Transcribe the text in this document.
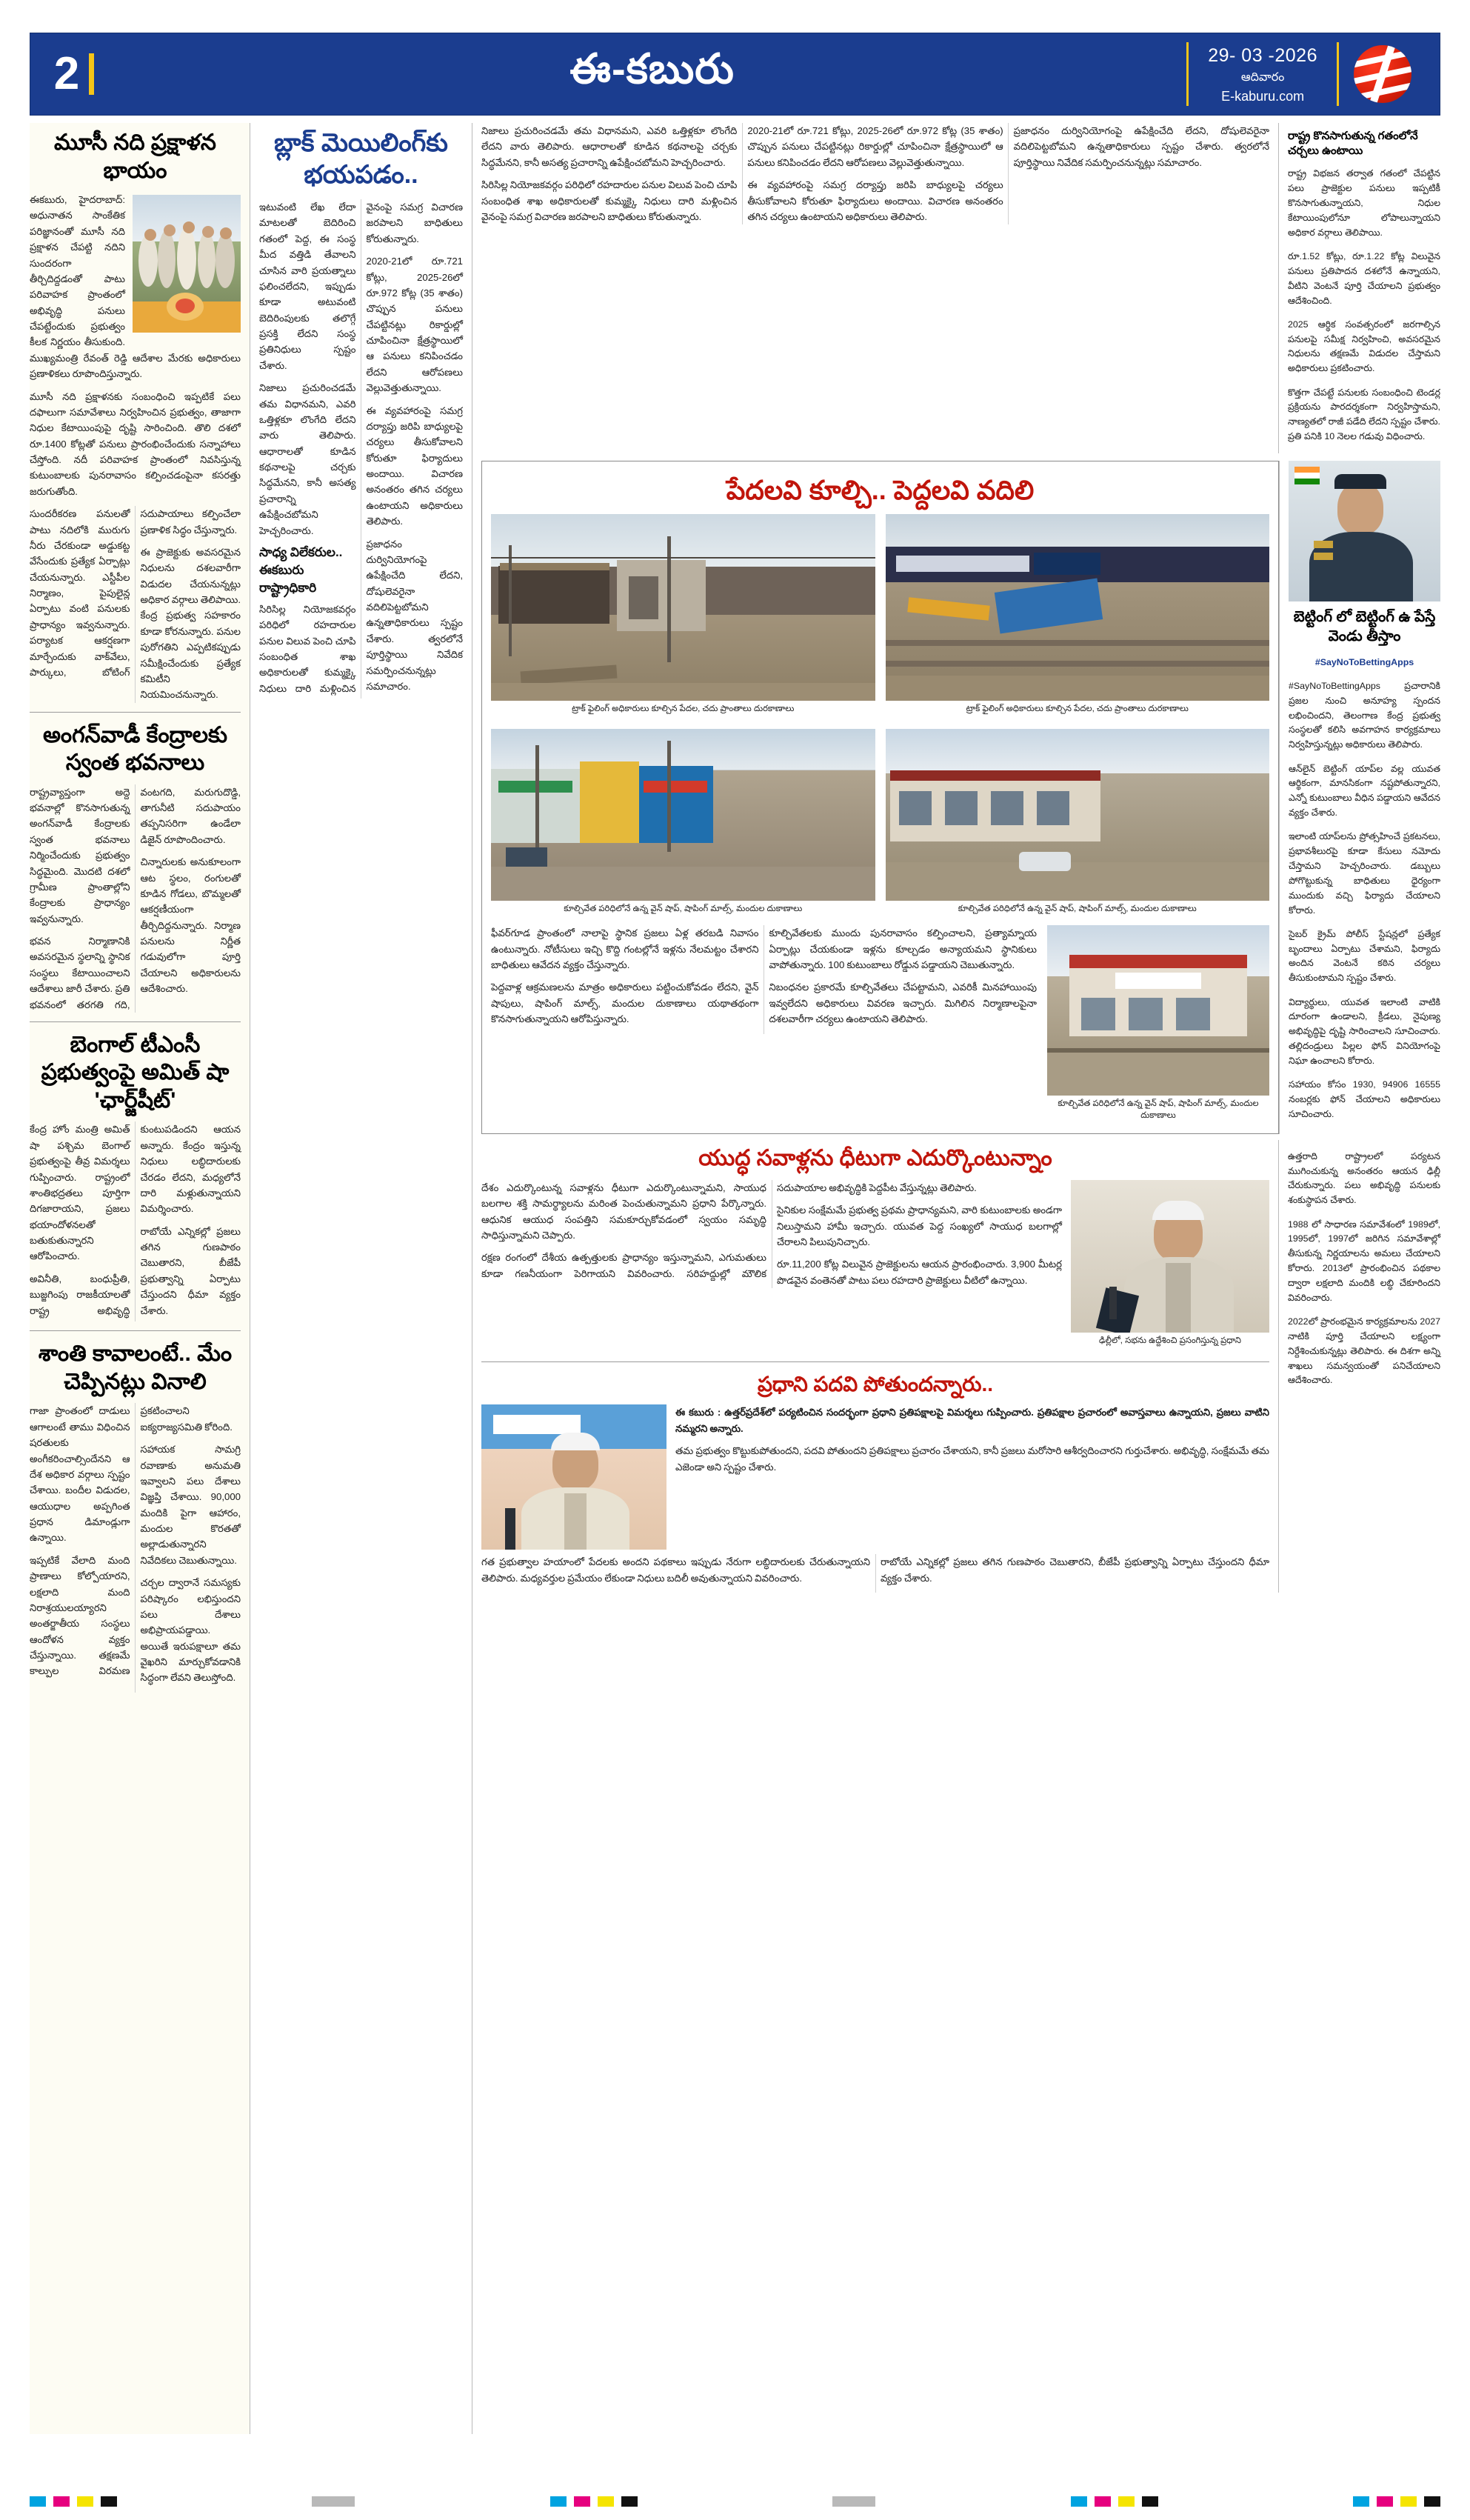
2	ఈ-కబురు	29- 03 -2026
ఆదివారం
E-kaburu.com
మూసీ నది ప్రక్షాళన భాయం

ఈకబురు, హైదరాబాద్: అధునాతన సాంకేతిక పరిజ్ఞానంతో మూసీ నది ప్రక్షాళన చేపట్టి నదిని సుందరంగా తీర్చిదిద్దడంతో పాటు పరివాహక ప్రాంతంలో అభివృద్ధి పనులు చేపట్టేందుకు ప్రభుత్వం కీలక నిర్ణయం తీసుకుంది. ముఖ్యమంత్రి రేవంత్ రెడ్డి ఆదేశాల మేరకు అధికారులు ప్రణాళికలు రూపొందిస్తున్నారు.

మూసీ నది ప్రక్షాళనకు సంబంధించి ఇప్పటికే పలు దఫాలుగా సమావేశాలు నిర్వహించిన ప్రభుత్వం, తాజాగా నిధుల కేటాయింపుపై దృష్టి సారించింది. తొలి దశలో రూ.1400 కోట్లతో పనులు ప్రారంభించేందుకు సన్నాహాలు చేస్తోంది. నదీ పరివాహక ప్రాంతంలో నివసిస్తున్న కుటుంబాలకు పునరావాసం కల్పించడంపైనా కసరత్తు జరుగుతోంది.

సుందరీకరణ పనులతో పాటు నదిలోకి మురుగు నీరు చేరకుండా అడ్డుకట్ట వేసేందుకు ప్రత్యేక ఏర్పాట్లు చేయనున్నారు. ఎస్టీపీల నిర్మాణం, పైపులైన్ల ఏర్పాటు వంటి పనులకు ప్రాధాన్యం ఇవ్వనున్నారు. పర్యాటక ఆకర్షణగా మార్చేందుకు వాక్‌వేలు, పార్కులు, బోటింగ్ సదుపాయాలు కల్పించేలా ప్రణాళిక సిద్ధం చేస్తున్నారు.

ఈ ప్రాజెక్టుకు అవసరమైన నిధులను దశలవారీగా విడుదల చేయనున్నట్లు అధికార వర్గాలు తెలిపాయి. కేంద్ర ప్రభుత్వ సహకారం కూడా కోరనున్నారు. పనుల పురోగతిని ఎప్పటికప్పుడు సమీక్షించేందుకు ప్రత్యేక కమిటీని నియమించనున్నారు.

అంగన్‌వాడీ కేంద్రాలకు స్వంత భవనాలు

రాష్ట్రవ్యాప్తంగా అద్దె భవనాల్లో కొనసాగుతున్న అంగన్‌వాడీ కేంద్రాలకు స్వంత భవనాలు నిర్మించేందుకు ప్రభుత్వం సిద్ధమైంది. మొదటి దశలో గ్రామీణ ప్రాంతాల్లోని కేంద్రాలకు ప్రాధాన్యం ఇవ్వనున్నారు.

భవన నిర్మాణానికి అవసరమైన స్థలాన్ని స్థానిక సంస్థలు కేటాయించాలని ఆదేశాలు జారీ చేశారు. ప్రతి భవనంలో తరగతి గది, వంటగది, మరుగుదొడ్డి, తాగునీటి సదుపాయం తప్పనిసరిగా ఉండేలా డిజైన్ రూపొందించారు.

చిన్నారులకు అనుకూలంగా ఆట స్థలం, రంగులతో కూడిన గోడలు, బొమ్మలతో ఆకర్షణీయంగా తీర్చిదిద్దనున్నారు. నిర్మాణ పనులను నిర్ణీత గడువులోగా పూర్తి చేయాలని అధికారులను ఆదేశించారు.

బెంగాల్ టీఎంసీ ప్రభుత్వంపై అమిత్ షా 'ఛార్జ్‌షీట్'

కేంద్ర హోం మంత్రి అమిత్ షా పశ్చిమ బెంగాల్ ప్రభుత్వంపై తీవ్ర విమర్శలు గుప్పించారు. రాష్ట్రంలో శాంతిభద్రతలు పూర్తిగా దిగజారాయని, ప్రజలు భయాందోళనలతో బతుకుతున్నారని ఆరోపించారు.

అవినీతి, బంధుప్రీతి, బుజ్జగింపు రాజకీయాలతో రాష్ట్ర అభివృద్ధి కుంటుపడిందని ఆయన అన్నారు. కేంద్రం ఇస్తున్న నిధులు లబ్ధిదారులకు చేరడం లేదని, మధ్యలోనే దారి మళ్లుతున్నాయని విమర్శించారు.

రాబోయే ఎన్నికల్లో ప్రజలు తగిన గుణపాఠం చెబుతారని, బీజేపీ ప్రభుత్వాన్ని ఏర్పాటు చేస్తుందని ధీమా వ్యక్తం చేశారు.

శాంతి కావాలంటే.. మేం చెప్పినట్లు వినాలి

గాజా ప్రాంతంలో దాడులు ఆగాలంటే తాము విధించిన షరతులకు అంగీకరించాల్సిందేనని ఆ దేశ అధికార వర్గాలు స్పష్టం చేశాయి. బందీల విడుదల, ఆయుధాల అప్పగింత ప్రధాన డిమాండ్లుగా ఉన్నాయి.

ఇప్పటికే వేలాది మంది ప్రాణాలు కోల్పోయారని, లక్షలాది మంది నిరాశ్రయులయ్యారని అంతర్జాతీయ సంస్థలు ఆందోళన వ్యక్తం చేస్తున్నాయి. తక్షణమే కాల్పుల విరమణ ప్రకటించాలని ఐక్యరాజ్యసమితి కోరింది.

సహాయక సామగ్రి రవాణాకు అనుమతి ఇవ్వాలని పలు దేశాలు విజ్ఞప్తి చేశాయి. 90,000 మందికి పైగా ఆహారం, మందుల కొరతతో అల్లాడుతున్నారని నివేదికలు చెబుతున్నాయి.

చర్చల ద్వారానే సమస్యకు పరిష్కారం లభిస్తుందని పలు దేశాలు అభిప్రాయపడ్డాయి. అయితే ఇరుపక్షాలూ తమ వైఖరిని మార్చుకోవడానికి సిద్ధంగా లేవని తెలుస్తోంది.

బ్లాక్ మెయిలింగ్‌కు భయపడం..

ఇటువంటి లేఖ లేదా మాటలతో బెదిరించి గతంలో పెద్ద, ఈ సంస్థ మీద వత్తిడి తేవాలని చూసిన వారి ప్రయత్నాలు ఫలించలేదని, ఇప్పుడు కూడా అటువంటి బెదిరింపులకు తలొగ్గే ప్రసక్తి లేదని సంస్థ ప్రతినిధులు స్పష్టం చేశారు.

నిజాలు ప్రచురించడమే తమ విధానమని, ఎవరి ఒత్తిళ్లకూ లొంగేది లేదని వారు తెలిపారు. ఆధారాలతో కూడిన కథనాలపై చర్చకు సిద్ధమేనని, కానీ అసత్య ప్రచారాన్ని ఉపేక్షించబోమని హెచ్చరించారు.

సాధ్య విలేకరుల.. ఈకబురు రాష్ట్రాధికారి

సిరిసిల్ల నియోజకవర్గం పరిధిలో రహదారుల పనుల విలువ పెంచి చూపి సంబంధిత శాఖ అధికారులతో కుమ్మక్కై నిధులు దారి మళ్లించిన వైనంపై సమగ్ర విచారణ జరపాలని బాధితులు కోరుతున్నారు.

2020-21లో రూ.721 కోట్లు, 2025-26లో రూ.972 కోట్ల (35 శాతం) చొప్పున పనులు చేపట్టినట్లు రికార్డుల్లో చూపించినా క్షేత్రస్థాయిలో ఆ పనులు కనిపించడం లేదని ఆరోపణలు వెల్లువెత్తుతున్నాయి.

ఈ వ్యవహారంపై సమగ్ర దర్యాప్తు జరిపి బాధ్యులపై చర్యలు తీసుకోవాలని కోరుతూ ఫిర్యాదులు అందాయి. విచారణ అనంతరం తగిన చర్యలు ఉంటాయని అధికారులు తెలిపారు.

ప్రజాధనం దుర్వినియోగంపై ఉపేక్షించేది లేదని, దోషులెవరైనా వదిలిపెట్టబోమని ఉన్నతాధికారులు స్పష్టం చేశారు. త్వరలోనే పూర్తిస్థాయి నివేదిక సమర్పించనున్నట్లు సమాచారం.

నిజాలు ప్రచురించడమే తమ విధానమని, ఎవరి ఒత్తిళ్లకూ లొంగేది లేదని వారు తెలిపారు. ఆధారాలతో కూడిన కథనాలపై చర్చకు సిద్ధమేనని, కానీ అసత్య ప్రచారాన్ని ఉపేక్షించబోమని హెచ్చరించారు.

సిరిసిల్ల నియోజకవర్గం పరిధిలో రహదారుల పనుల విలువ పెంచి చూపి సంబంధిత శాఖ అధికారులతో కుమ్మక్కై నిధులు దారి మళ్లించిన వైనంపై సమగ్ర విచారణ జరపాలని బాధితులు కోరుతున్నారు.

2020-21లో రూ.721 కోట్లు, 2025-26లో రూ.972 కోట్ల (35 శాతం) చొప్పున పనులు చేపట్టినట్లు రికార్డుల్లో చూపించినా క్షేత్రస్థాయిలో ఆ పనులు కనిపించడం లేదని ఆరోపణలు వెల్లువెత్తుతున్నాయి.

ఈ వ్యవహారంపై సమగ్ర దర్యాప్తు జరిపి బాధ్యులపై చర్యలు తీసుకోవాలని కోరుతూ ఫిర్యాదులు అందాయి. విచారణ అనంతరం తగిన చర్యలు ఉంటాయని అధికారులు తెలిపారు.

ప్రజాధనం దుర్వినియోగంపై ఉపేక్షించేది లేదని, దోషులెవరైనా వదిలిపెట్టబోమని ఉన్నతాధికారులు స్పష్టం చేశారు. త్వరలోనే పూర్తిస్థాయి నివేదిక సమర్పించనున్నట్లు సమాచారం.

రాష్ట్ర కొనసాగుతున్న గతంలోనే చర్చలు ఉంటాయి

రాష్ట్ర విభజన తర్వాత గతంలో చేపట్టిన పలు ప్రాజెక్టుల పనులు ఇప్పటికీ కొనసాగుతున్నాయని, నిధుల కేటాయింపులోనూ లోపాలున్నాయని అధికార వర్గాలు తెలిపాయి.

రూ.1.52 కోట్లు, రూ.1.22 కోట్ల విలువైన పనులు ప్రతిపాదన దశలోనే ఉన్నాయని, వీటిని వెంటనే పూర్తి చేయాలని ప్రభుత్వం ఆదేశించింది.

2025 ఆర్థిక సంవత్సరంలో జరగాల్సిన పనులపై సమీక్ష నిర్వహించి, అవసరమైన నిధులను తక్షణమే విడుదల చేస్తామని అధికారులు ప్రకటించారు.

కొత్తగా చేపట్టే పనులకు సంబంధించి టెండర్ల ప్రక్రియను పారదర్శకంగా నిర్వహిస్తామని, నాణ్యతలో రాజీ పడేది లేదని స్పష్టం చేశారు. ప్రతి పనికి 10 నెలల గడువు విధించారు.

పేదలవి కూల్చి.. పెద్దలవి వదిలి
ట్రాక్ ఫైలింగ్ అధికారులు కూల్చిన పేదల, చదు ప్రాంతాలు దురకాణాలు	ట్రాక్ ఫైలింగ్ అధికారులు కూల్చిన పేదల, చదు ప్రాంతాలు దురకాణాలు
కూల్చివేత పరిధిలోనే ఉన్న వైన్ షాప్, షాపింగ్ మాల్స్, మందుల దుకాణాలు	కూల్చివేత పరిధిలోనే ఉన్న వైన్ షాప్, షాపింగ్ మాల్స్, మందుల దుకాణాలు

ఫీవర్‌గూడ ప్రాంతంలో నాలాపై స్థానిక ప్రజలు ఏళ్ల తరబడి నివాసం ఉంటున్నారు. నోటీసులు ఇచ్చి కొద్ది గంటల్లోనే ఇళ్లను నేలమట్టం చేశారని బాధితులు ఆవేదన వ్యక్తం చేస్తున్నారు.

పెద్దవాళ్ల ఆక్రమణలను మాత్రం అధికారులు పట్టించుకోవడం లేదని, వైన్ షాపులు, షాపింగ్ మాల్స్, మందుల దుకాణాలు యథాతథంగా కొనసాగుతున్నాయని ఆరోపిస్తున్నారు.

కూల్చివేతలకు ముందు పునరావాసం కల్పించాలని, ప్రత్యామ్నాయ ఏర్పాట్లు చేయకుండా ఇళ్లను కూల్చడం అన్యాయమని స్థానికులు వాపోతున్నారు. 100 కుటుంబాలు రోడ్డున పడ్డాయని చెబుతున్నారు.

నిబంధనల ప్రకారమే కూల్చివేతలు చేపట్టామని, ఎవరికీ మినహాయింపు ఇవ్వలేదని అధికారులు వివరణ ఇచ్చారు. మిగిలిన నిర్మాణాలపైనా దశలవారీగా చర్యలు ఉంటాయని తెలిపారు.

కూల్చివేత పరిధిలోనే ఉన్న వైన్ షాప్, షాపింగ్ మాల్స్, మందుల దుకాణాలు
బెట్టింగ్ లో బెట్టింగ్ ఉ పేస్తే వెండు తీస్తాం

#SayNoToBettingApps

#SayNoToBettingApps ప్రచారానికి ప్రజల నుంచి అనూహ్య స్పందన లభించిందని, తెలంగాణ కేంద్ర ప్రభుత్వ సంస్థలతో కలిసి అవగాహన కార్యక్రమాలు నిర్వహిస్తున్నట్లు అధికారులు తెలిపారు.

ఆన్‌లైన్ బెట్టింగ్ యాప్‌ల వల్ల యువత ఆర్థికంగా, మానసికంగా నష్టపోతున్నారని, ఎన్నో కుటుంబాలు వీధిన పడ్డాయని ఆవేదన వ్యక్తం చేశారు.

ఇలాంటి యాప్‌లను ప్రోత్సహించే ప్రకటనలు, ప్రభావశీలురపై కూడా కేసులు నమోదు చేస్తామని హెచ్చరించారు. డబ్బులు పోగొట్టుకున్న బాధితులు ధైర్యంగా ముందుకు వచ్చి ఫిర్యాదు చేయాలని కోరారు.

సైబర్ క్రైమ్ పోలీస్ స్టేషన్లలో ప్రత్యేక బృందాలు ఏర్పాటు చేశామని, ఫిర్యాదు అందిన వెంటనే కఠిన చర్యలు తీసుకుంటామని స్పష్టం చేశారు.

విద్యార్థులు, యువత ఇలాంటి వాటికి దూరంగా ఉండాలని, క్రీడలు, నైపుణ్య అభివృద్ధిపై దృష్టి సారించాలని సూచించారు. తల్లిదండ్రులు పిల్లల ఫోన్ వినియోగంపై నిఘా ఉంచాలని కోరారు.

సహాయం కోసం 1930, 94906 16555 నంబర్లకు ఫోన్ చేయాలని అధికారులు సూచించారు.

యుద్ధ సవాళ్లను ధీటుగా ఎదుర్కొంటున్నాం

దేశం ఎదుర్కొంటున్న సవాళ్లను ధీటుగా ఎదుర్కొంటున్నామని, సాయుధ బలగాల శక్తి సామర్థ్యాలను మరింత పెంచుతున్నామని ప్రధాని పేర్కొన్నారు. ఆధునిక ఆయుధ సంపత్తిని సమకూర్చుకోవడంలో స్వయం సమృద్ధి సాధిస్తున్నామని చెప్పారు.

రక్షణ రంగంలో దేశీయ ఉత్పత్తులకు ప్రాధాన్యం ఇస్తున్నామని, ఎగుమతులు కూడా గణనీయంగా పెరిగాయని వివరించారు. సరిహద్దుల్లో మౌలిక సదుపాయాల అభివృద్ధికి పెద్దపీట వేస్తున్నట్లు తెలిపారు.

సైనికుల సంక్షేమమే ప్రభుత్వ ప్రథమ ప్రాధాన్యమని, వారి కుటుంబాలకు అండగా నిలుస్తామని హామీ ఇచ్చారు. యువత పెద్ద సంఖ్యలో సాయుధ బలగాల్లో చేరాలని పిలుపునిచ్చారు.

రూ.11,200 కోట్ల విలువైన ప్రాజెక్టులను ఆయన ప్రారంభించారు. 3,900 మీటర్ల పొడవైన వంతెనతో పాటు పలు రహదారి ప్రాజెక్టులు వీటిలో ఉన్నాయి.

ఢిల్లీలో, సభను ఉద్దేశించి ప్రసంగిస్తున్న ప్రధాని
ప్రధాని పదవి పోతుందన్నారు..

ఈ కబురు : ఉత్తర్‌ప్రదేశ్‌లో పర్యటించిన సందర్భంగా ప్రధాని ప్రతిపక్షాలపై విమర్శలు గుప్పించారు. ప్రతిపక్షాల ప్రచారంలో అవాస్తవాలు ఉన్నాయని, ప్రజలు వాటిని నమ్మరని అన్నారు.

తమ ప్రభుత్వం కొట్టుకుపోతుందని, పదవి పోతుందని ప్రతిపక్షాలు ప్రచారం చేశాయని, కానీ ప్రజలు మరోసారి ఆశీర్వదించారని గుర్తుచేశారు. అభివృద్ధి, సంక్షేమమే తమ ఎజెండా అని స్పష్టం చేశారు.

గత ప్రభుత్వాల హయాంలో పేదలకు అందని పథకాలు ఇప్పుడు నేరుగా లబ్ధిదారులకు చేరుతున్నాయని తెలిపారు. మధ్యవర్తుల ప్రమేయం లేకుండా నిధులు బదిలీ అవుతున్నాయని వివరించారు.

రాబోయే ఎన్నికల్లో ప్రజలు తగిన గుణపాఠం చెబుతారని, బీజేపీ ప్రభుత్వాన్ని ఏర్పాటు చేస్తుందని ధీమా వ్యక్తం చేశారు.

ఉత్తరాది రాష్ట్రాలలో పర్యటన ముగించుకున్న అనంతరం ఆయన ఢిల్లీ చేరుకున్నారు. పలు అభివృద్ధి పనులకు శంకుస్థాపన చేశారు.

1988 లో సాధారణ సమావేశంలో 1989లో, 1995లో, 1997లో జరిగిన సమావేశాల్లో తీసుకున్న నిర్ణయాలను అమలు చేయాలని కోరారు. 2013లో ప్రారంభించిన పథకాల ద్వారా లక్షలాది మందికి లబ్ధి చేకూరిందని వివరించారు.

2022లో ప్రారంభమైన కార్యక్రమాలను 2027 నాటికి పూర్తి చేయాలని లక్ష్యంగా నిర్దేశించుకున్నట్లు తెలిపారు. ఈ దిశగా అన్ని శాఖలు సమన్వయంతో పనిచేయాలని ఆదేశించారు.
